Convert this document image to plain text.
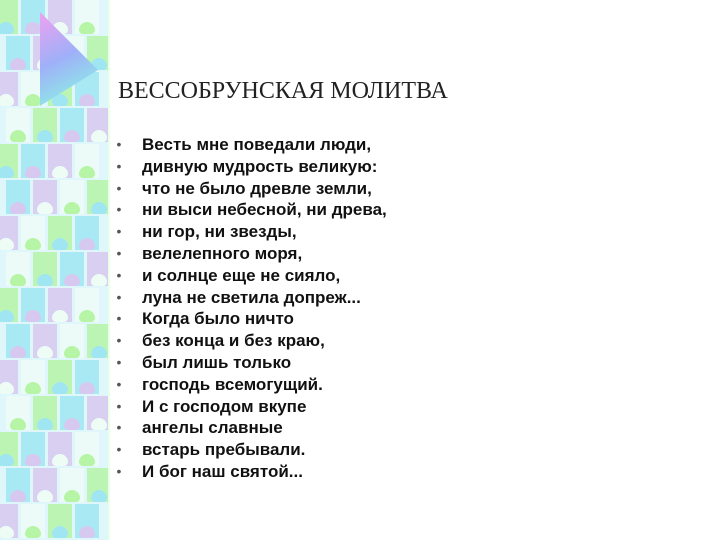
ВЕССОБРУНСКАЯ МОЛИТВА
• Весть мне поведали люди,
• дивную мудрость великую:
• что не было древле земли,
• ни выси небесной, ни древа,
• ни гор, ни звезды,
• велелепного моря,
• и солнце еще не сияло,
• луна не светила допреж...
• Когда было ничто
• без конца и без краю,
• был лишь только
• господь всемогущий.
• И с господом вкупе
• ангелы славные
• встарь пребывали.
• И бог наш святой...
